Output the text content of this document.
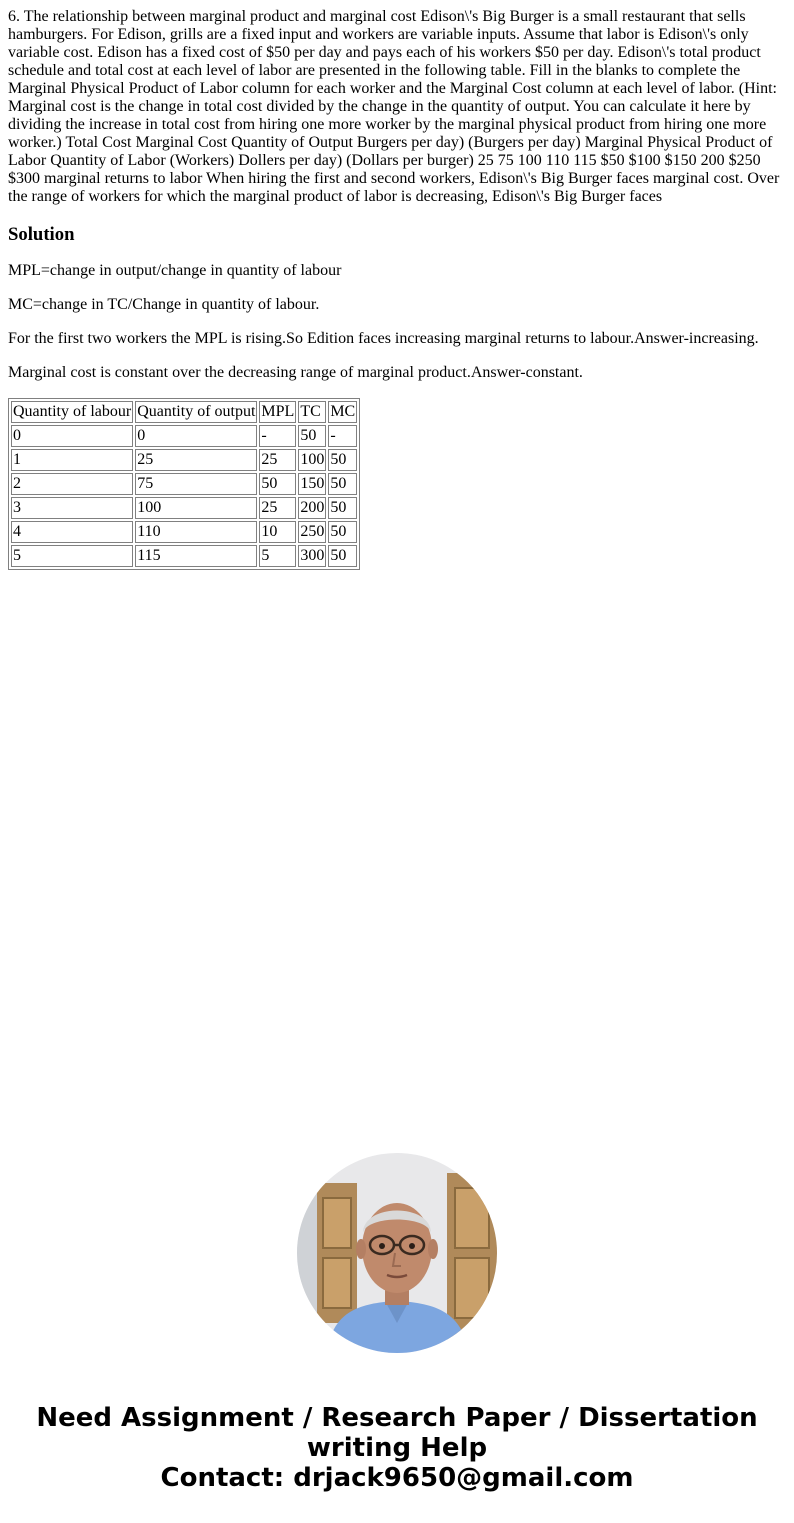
6. The relationship between marginal product and marginal cost Edison\'s Big Burger is a small restaurant that sells hamburgers. For Edison, grills are a fixed input and workers are variable inputs. Assume that labor is Edison\'s only variable cost. Edison has a fixed cost of $50 per day and pays each of his workers $50 per day. Edison\'s total product schedule and total cost at each level of labor are presented in the following table. Fill in the blanks to complete the Marginal Physical Product of Labor column for each worker and the Marginal Cost column at each level of labor. (Hint: Marginal cost is the change in total cost divided by the change in the quantity of output. You can calculate it here by dividing the increase in total cost from hiring one more worker by the marginal physical product from hiring one more worker.) Total Cost Marginal Cost Quantity of Output Burgers per day) (Burgers per day) Marginal Physical Product of Labor Quantity of Labor (Workers) Dollers per day) (Dollars per burger) 25 75 100 110 115 $50 $100 $150 200 $250 $300 marginal returns to labor When hiring the first and second workers, Edison\'s Big Burger faces marginal cost. Over the range of workers for which the marginal product of labor is decreasing, Edison\'s Big Burger faces
Solution

MPL=change in output/change in quantity of labour

MC=change in TC/Change in quantity of labour.

For the first two workers the MPL is rising.So Edition faces increasing marginal returns to labour.Answer-increasing.

Marginal cost is constant over the decreasing range of marginal product.Answer-constant.

Quantity of labour	Quantity of output	MPL	TC	MC
0	0	-	50	-
1	25	25	100	50
2	75	50	150	50
3	100	25	200	50
4	110	10	250	50
5	115	5	300	50
Need Assignment / Research Paper / Dissertation
writing Help
Contact: drjack9650@gmail.com
